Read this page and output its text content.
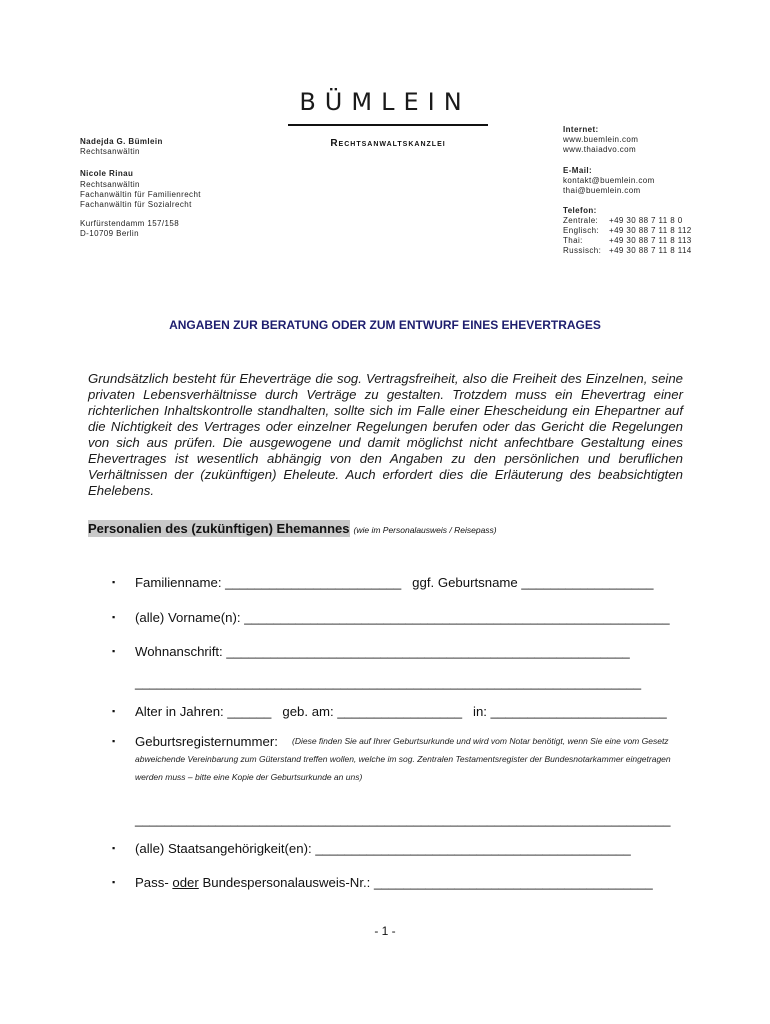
BÜMLEIN
Rechtsanwaltskanzlei
Nadejda G. Bümlein
Rechtsanwältin
Nicole Rinau
Rechtsanwältin
Fachanwältin für Familienrecht
Fachanwältin für Sozialrecht
Kurfürstendamm 157/158
D-10709 Berlin
Internet:
www.buemlein.com
www.thaiadvo.com
E-Mail:
kontakt@buemlein.com
thai@buemlein.com
Telefon:
Zentrale:	+49 30 88 7 11 8 0
Englisch:	+49 30 88 7 11 8 112
Thai:	+49 30 88 7 11 8 113
Russisch:	+49 30 88 7 11 8 114
ANGABEN ZUR BERATUNG ODER ZUM ENTWURF EINES EHEVERTRAGES
Grundsätzlich besteht für Eheverträge die sog. Vertragsfreiheit, also die Freiheit des Einzelnen, seine privaten Lebensverhältnisse durch Verträge zu gestalten. Trotzdem muss ein Ehevertrag einer richterlichen Inhaltskontrolle standhalten, sollte sich im Falle einer Ehescheidung ein Ehepartner auf die Nichtigkeit des Vertrages oder einzelner Regelungen berufen oder das Gericht die Regelungen von sich aus prüfen. Die ausgewogene und damit möglichst nicht anfechtbare Gestaltung eines Ehevertrages ist wesentlich abhängig von den Angaben zu den persönlichen und beruflichen Verhältnissen der (zukünftigen) Eheleute. Auch erfordert dies die Erläuterung des beabsichtigten Ehelebens.
Personalien des (zukünftigen) Ehemannes (wie im Personalausweis / Reisepass)
▪ Familienname: ________________________ ggf. Geburtsname __________________
▪ (alle) Vorname(n): __________________________________________________________
▪ Wohnanschrift: _______________________________________________________
_____________________________________________________________________
▪ Alter in Jahren: ______ geb. am: _________________ in: ________________________
▪ Geburtsregisternummer:	(Diese finden Sie auf Ihrer Geburtsurkunde und wird vom Notar benötigt, wenn Sie eine vom Gesetz abweichende Vereinbarung zum Güterstand treffen wollen, welche im sog. Zentralen Testamentsregister der Bundesnotarkammer eingetragen werden muss – bitte eine Kopie der Geburtsurkunde an uns)
_________________________________________________________________________
▪ (alle) Staatsangehörigkeit(en): ___________________________________________
▪ Pass- oder Bundespersonalausweis-Nr.: ______________________________________
- 1 -
